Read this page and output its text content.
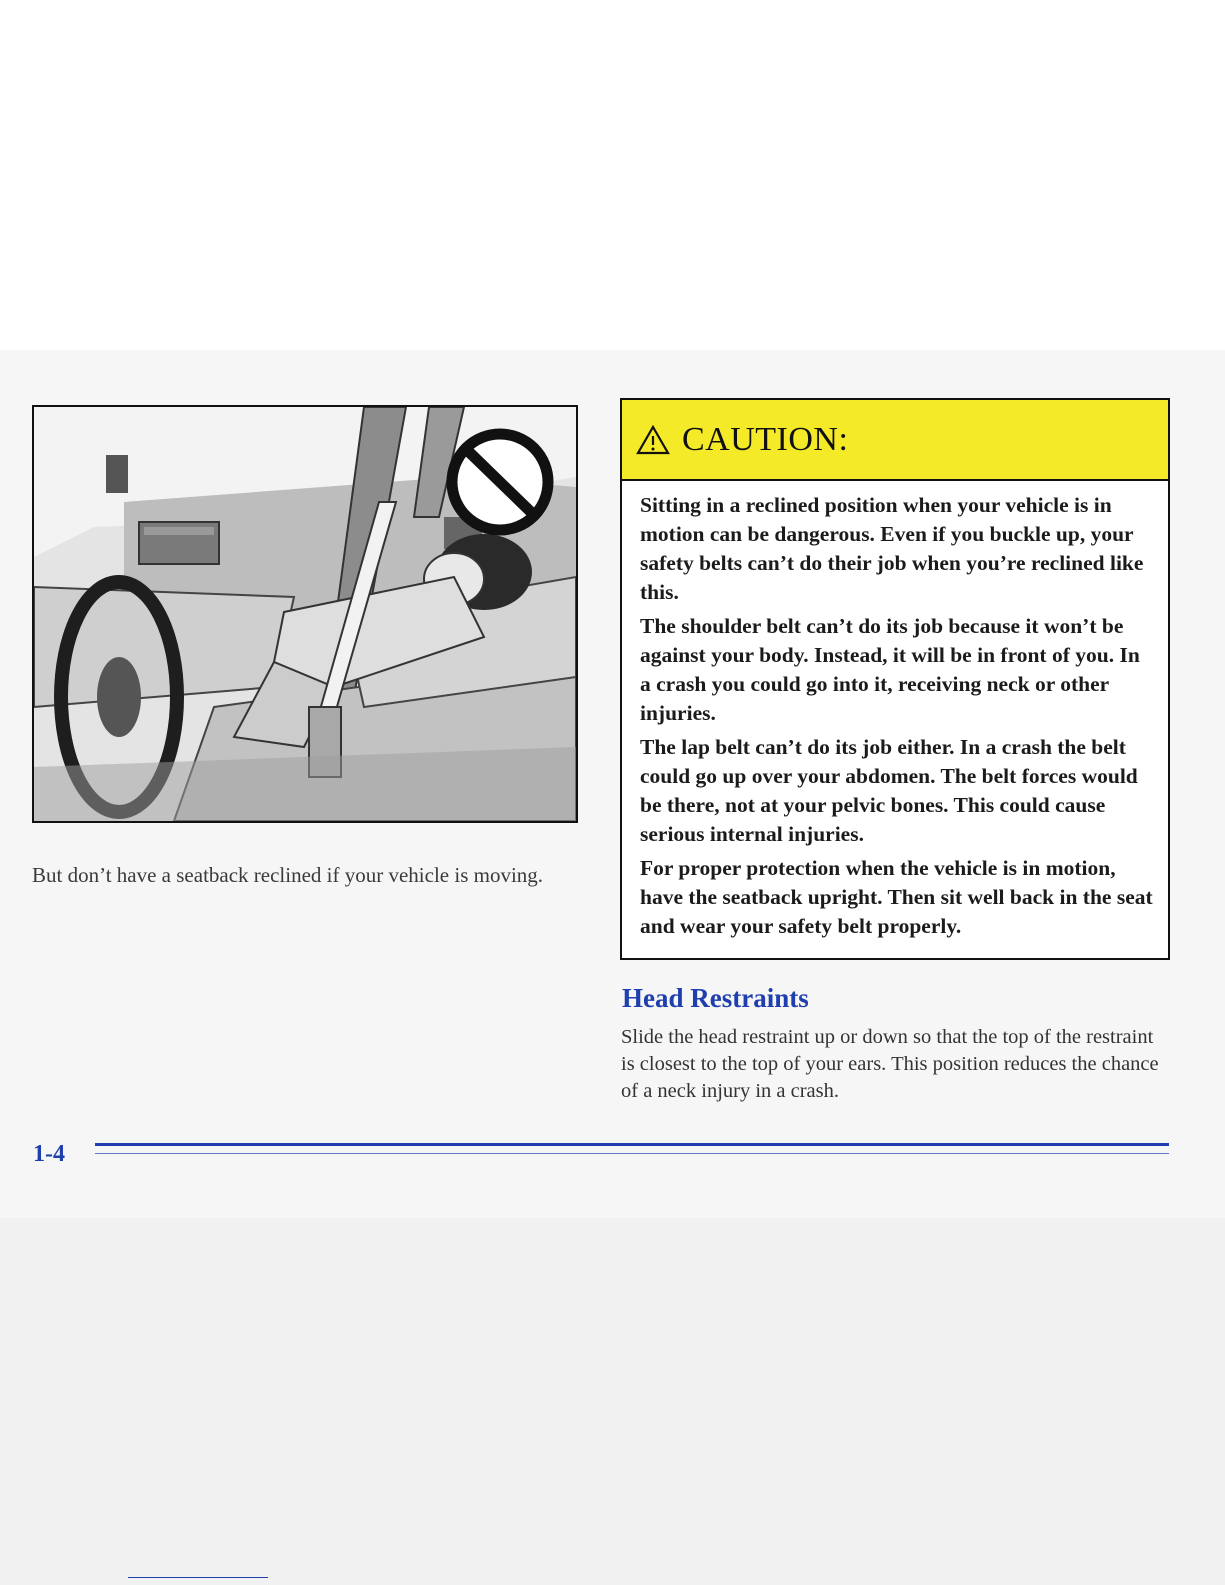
But don’t have a seatback reclined if your vehicle is moving.
CAUTION:

Sitting in a reclined position when your vehicle is in motion can be dangerous. Even if you buckle up, your safety belts can’t do their job when you’re reclined like this.

The shoulder belt can’t do its job because it won’t be against your body. Instead, it will be in front of you. In a crash you could go into it, receiving neck or other injuries.

The lap belt can’t do its job either. In a crash the belt could go up over your abdomen. The belt forces would be there, not at your pelvic bones. This could cause serious internal injuries.

For proper protection when the vehicle is in motion, have the seatback upright. Then sit well back in the seat and wear your safety belt properly.

Head Restraints
Slide the head restraint up or down so that the top of the restraint is closest to the top of your ears. This position reduces the chance of a neck injury in a crash.
1-4
